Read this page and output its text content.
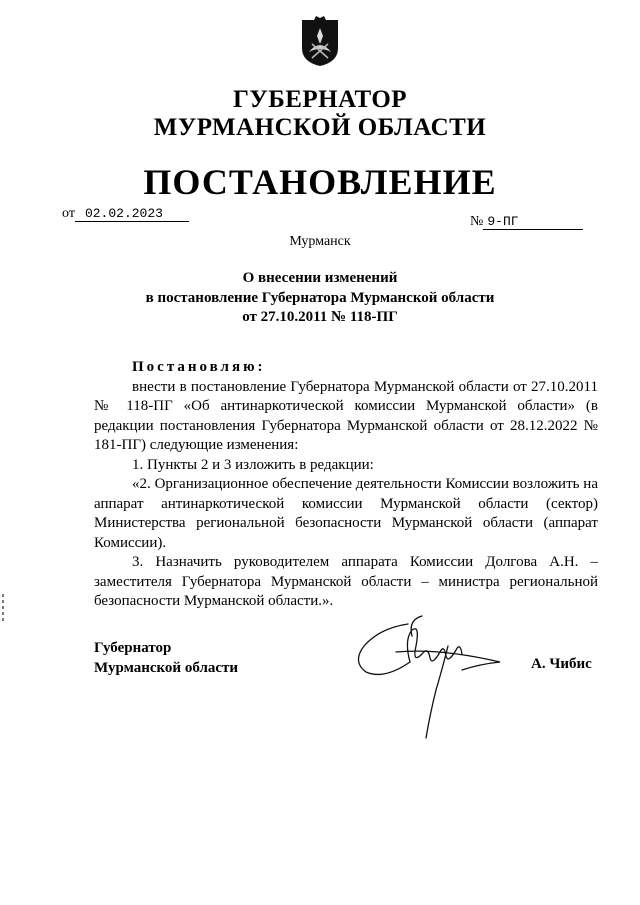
ГУБЕРНАТОР
МУРМАНСКОЙ ОБЛАСТИ
ПОСТАНОВЛЕНИЕ
от 02.02.2023
№ 9-ПГ
Мурманск
О внесении изменений
в постановление Губернатора Мурманской области
от 27.10.2011 № 118-ПГ

Постановляю:

внести в постановление Губернатора Мурманской области от 27.10.2011 № 118-ПГ «Об антинаркотической комиссии Мурманской области» (в редакции постановления Губернатора Мурманской области от 28.12.2022 № 181-ПГ) следующие изменения:

1. Пункты 2 и 3 изложить в редакции:

«2. Организационное обеспечение деятельности Комиссии возложить на аппарат антинаркотической комиссии Мурманской области (сектор) Министерства региональной безопасности Мурманской области (аппарат Комиссии).

3. Назначить руководителем аппарата Комиссии Долгова А.Н. – заместителя Губернатора Мурманской области – министра региональной безопасности Мурманской области.».

Губернатор
Мурманской области	А. Чибис
